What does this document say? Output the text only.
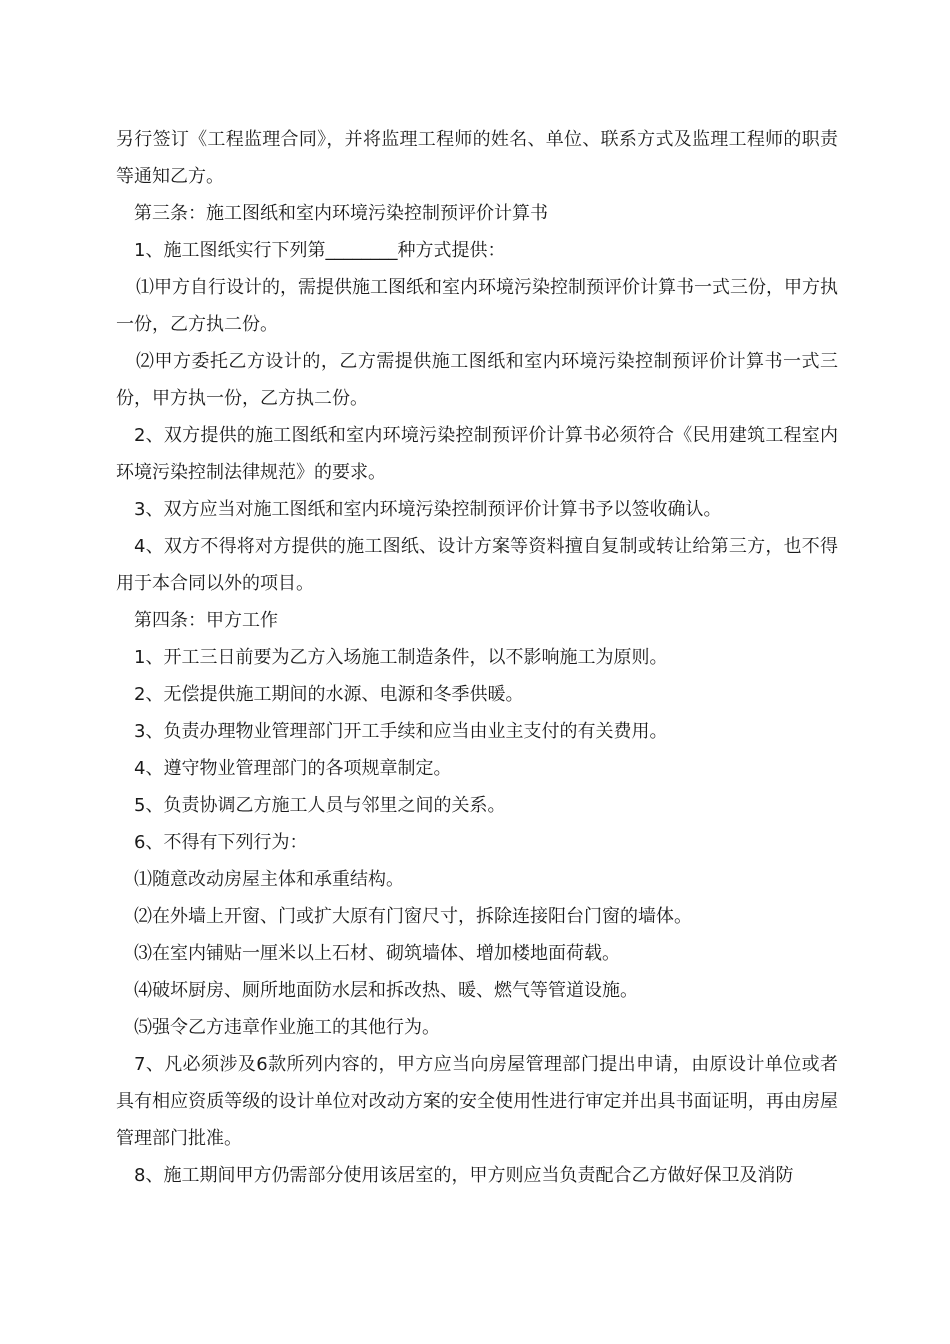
另行签订《工程监理合同》，并将监理工程师的姓名、单位、联系方式及监理工程师的职责等通知乙方。

第三条：施工图纸和室内环境污染控制预评价计算书

1、施工图纸实行下列第________种方式提供：

⑴甲方自行设计的，需提供施工图纸和室内环境污染控制预评价计算书一式三份，甲方执一份，乙方执二份。

⑵甲方委托乙方设计的，乙方需提供施工图纸和室内环境污染控制预评价计算书一式三份，甲方执一份，乙方执二份。

2、双方提供的施工图纸和室内环境污染控制预评价计算书必须符合《民用建筑工程室内环境污染控制法律规范》的要求。

3、双方应当对施工图纸和室内环境污染控制预评价计算书予以签收确认。

4、双方不得将对方提供的施工图纸、设计方案等资料擅自复制或转让给第三方，也不得用于本合同以外的项目。

第四条：甲方工作

1、开工三日前要为乙方入场施工制造条件，以不影响施工为原则。

2、无偿提供施工期间的水源、电源和冬季供暖。

3、负责办理物业管理部门开工手续和应当由业主支付的有关费用。

4、遵守物业管理部门的各项规章制定。

5、负责协调乙方施工人员与邻里之间的关系。

6、不得有下列行为：

⑴随意改动房屋主体和承重结构。

⑵在外墙上开窗、门或扩大原有门窗尺寸，拆除连接阳台门窗的墙体。

⑶在室内铺贴一厘米以上石材、砌筑墙体、增加楼地面荷载。

⑷破坏厨房、厕所地面防水层和拆改热、暖、燃气等管道设施。

⑸强令乙方违章作业施工的其他行为。

7、凡必须涉及6款所列内容的，甲方应当向房屋管理部门提出申请，由原设计单位或者具有相应资质等级的设计单位对改动方案的安全使用性进行审定并出具书面证明，再由房屋管理部门批准。

8、施工期间甲方仍需部分使用该居室的，甲方则应当负责配合乙方做好保卫及消防
